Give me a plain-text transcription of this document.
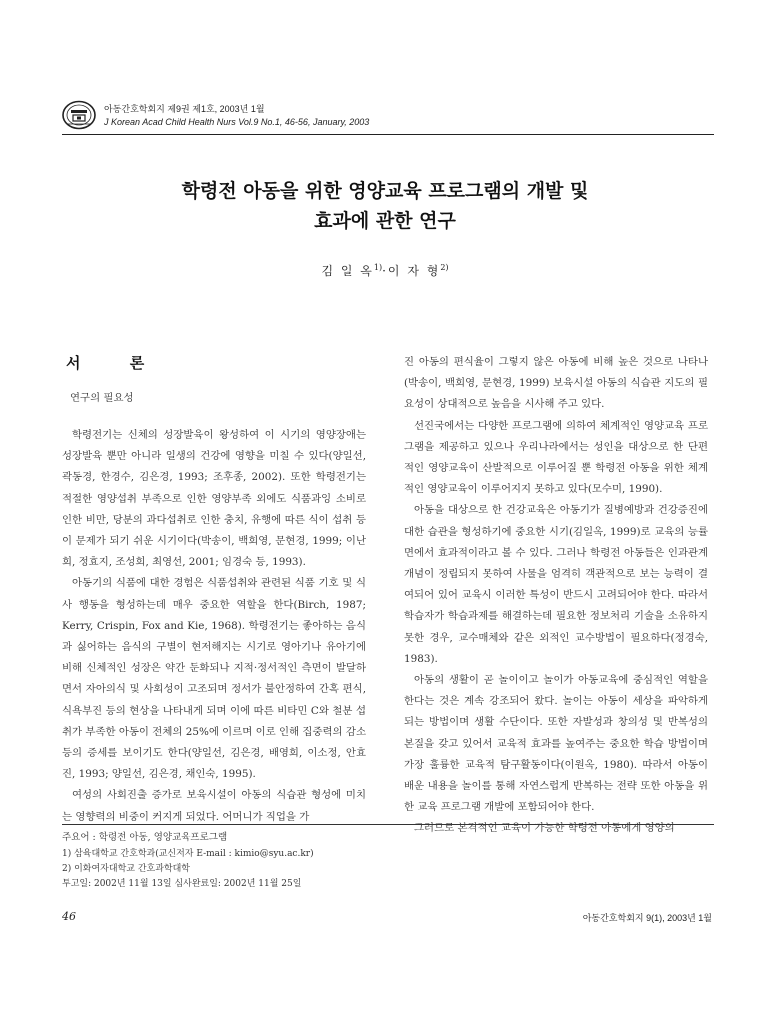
아동간호학회지 제9권 제1호, 2003년 1월
J Korean Acad Child Health Nurs Vol.9 No.1, 46-56, January, 2003
학령전 아동을 위한 영양교육 프로그램의 개발 및
효과에 관한 연구
김 일 옥$^{1)}$·이 자 형$^{2)}$
서 론
연구의 필요성

학령전기는 신체의 성장발육이 왕성하여 이 시기의 영양장애는 성장발육 뿐만 아니라 일생의 건강에 영향을 미칠 수 있다(양일선, 곽동경, 한경수, 김은경, 1993; 조후종, 2002). 또한 학령전기는 적절한 영양섭취 부족으로 인한 영양부족 외에도 식품과잉 소비로 인한 비만, 당분의 과다섭취로 인한 충치, 유행에 따른 식이 섭취 등이 문제가 되기 쉬운 시기이다(박송이, 백희영, 문현경, 1999; 이난희, 정효지, 조성희, 최영선, 2001; 임경숙 등, 1993).

아동기의 식품에 대한 경험은 식품섭취와 관련된 식품 기호 및 식사 행동을 형성하는데 매우 중요한 역할을 한다(Birch, 1987; Kerry, Crispin, Fox and Kie, 1968). 학령전기는 좋아하는 음식과 싫어하는 음식의 구별이 현저해지는 시기로 영아기나 유아기에 비해 신체적인 성장은 약간 둔화되나 지적·정서적인 측면이 발달하면서 자아의식 및 사회성이 고조되며 정서가 불안정하여 간혹 편식, 식욕부진 등의 현상을 나타내게 되며 이에 따른 비타민 C와 철분 섭취가 부족한 아동이 전체의 25%에 이르며 이로 인해 집중력의 감소 등의 증세를 보이기도 한다(양일선, 김은경, 배영희, 이소정, 안효진, 1993; 양일선, 김은경, 채인숙, 1995).

여성의 사회진출 증가로 보육시설이 아동의 식습관 형성에 미치는 영향력의 비중이 커지게 되었다. 어머니가 직업을 가

진 아동의 편식율이 그렇지 않은 아동에 비해 높은 것으로 나타나(박송이, 백희영, 문현경, 1999) 보육시설 아동의 식습관 지도의 필요성이 상대적으로 높음을 시사해 주고 있다.

선진국에서는 다양한 프로그램에 의하여 체계적인 영양교육 프로그램을 제공하고 있으나 우리나라에서는 성인을 대상으로 한 단편적인 영양교육이 산발적으로 이루어질 뿐 학령전 아동을 위한 체계적인 영양교육이 이루어지지 못하고 있다(모수미, 1990).

아동을 대상으로 한 건강교육은 아동기가 질병예방과 건강증진에 대한 습관을 형성하기에 중요한 시기(김일옥, 1999)로 교육의 능률면에서 효과적이라고 볼 수 있다. 그러나 학령전 아동들은 인과관계 개념이 정립되지 못하여 사물을 엄격히 객관적으로 보는 능력이 결여되어 있어 교육시 이러한 특성이 반드시 고려되어야 한다. 따라서 학습자가 학습과제를 해결하는데 필요한 정보처리 기술을 소유하지 못한 경우, 교수매체와 같은 외적인 교수방법이 필요하다(정경숙, 1983).

아동의 생활이 곧 놀이이고 놀이가 아동교육에 중심적인 역할을 한다는 것은 계속 강조되어 왔다. 놀이는 아동이 세상을 파악하게 되는 방법이며 생활 수단이다. 또한 자발성과 창의성 및 반복성의 본질을 갖고 있어서 교육적 효과를 높여주는 중요한 학습 방법이며 가장 훌륭한 교육적 탐구활동이다(이원옥, 1980). 따라서 아동이 배운 내용을 놀이를 통해 자연스럽게 반복하는 전략 또한 아동을 위한 교육 프로그램 개발에 포함되어야 한다.

그러므로 본격적인 교육이 가능한 학령전 아동에게 영양의

주요어 : 학령전 아동, 영양교육프로그램
1) 삼육대학교 간호학과(교신저자 E-mail : kimio@syu.ac.kr)
2) 이화여자대학교 간호과학대학
투고일: 2002년 11월 13일 심사완료일: 2002년 11월 25일
46	아동간호학회지 9(1), 2003년 1월
